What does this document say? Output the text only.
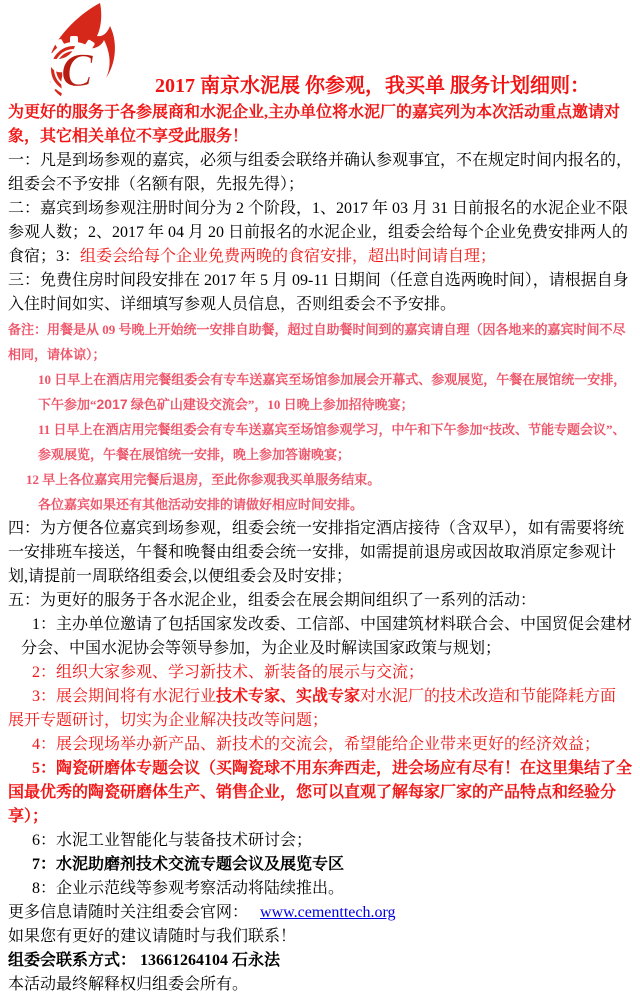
C	2017 南京水泥展 你参观，我买单 服务计划细则：

为更好的服务于各参展商和水泥企业,主办单位将水泥厂的嘉宾列为本次活动重点邀请对象，其它相关单位不享受此服务！

一：凡是到场参观的嘉宾，必须与组委会联络并确认参观事宜，不在规定时间内报名的，组委会不予安排（名额有限，先报先得）；

二：嘉宾到场参观注册时间分为 2 个阶段，1、2017 年 03 月 31 日前报名的水泥企业不限参观人数；2、2017 年 04 月 20 日前报名的水泥企业，组委会给每个企业免费安排两人的食宿；3：组委会给每个企业免费两晚的食宿安排，超出时间请自理；

三：免费住房时间段安排在 2017 年 5 月 09-11 日期间（任意自选两晚时间），请根据自身入住时间如实、详细填写参观人员信息，否则组委会不予安排。

备注：用餐是从 09 号晚上开始统一安排自助餐，超过自助餐时间到的嘉宾请自理（因各地来的嘉宾时间不尽相同，请体谅）；

10 日早上在酒店用完餐组委会有专车送嘉宾至场馆参加展会开幕式、参观展览，午餐在展馆统一安排，下午参加“2017 绿色矿山建设交流会”，10 日晚上参加招待晚宴；

11 日早上在酒店用完餐组委会有专车送嘉宾至场馆参观学习，中午和下午参加“技改、节能专题会议”、参观展览，午餐在展馆统一安排，晚上参加答谢晚宴；

12 早上各位嘉宾用完餐后退房，至此你参观我买单服务结束。

各位嘉宾如果还有其他活动安排的请做好相应时间安排。

四：为方便各位嘉宾到场参观，组委会统一安排指定酒店接待（含双早），如有需要将统一安排班车接送，午餐和晚餐由组委会统一安排，如需提前退房或因故取消原定参观计划,请提前一周联络组委会,以便组委会及时安排；

五：为更好的服务于各水泥企业，组委会在展会期间组织了一系列的活动：

1：主办单位邀请了包括国家发改委、工信部、中国建筑材料联合会、中国贸促会建材分会、中国水泥协会等领导参加，为企业及时解读国家政策与规划；

2：组织大家参观、学习新技术、新装备的展示与交流；

3：展会期间将有水泥行业技术专家、实战专家对水泥厂的技术改造和节能降耗方面展开专题研讨，切实为企业解决技改等问题；

4：展会现场举办新产品、新技术的交流会，希望能给企业带来更好的经济效益；

5：陶瓷研磨体专题会议（买陶瓷球不用东奔西走，进会场应有尽有！在这里集结了全国最优秀的陶瓷研磨体生产、销售企业，您可以直观了解每家厂家的产品特点和经验分享）；

6：水泥工业智能化与装备技术研讨会；

7：水泥助磨剂技术交流专题会议及展览专区

8：企业示范线等参观考察活动将陆续推出。

更多信息请随时关注组委会官网： www.cementtech.org

如果您有更好的建议请随时与我们联系！

组委会联系方式： 13661264104 石永法

本活动最终解释权归组委会所有。
